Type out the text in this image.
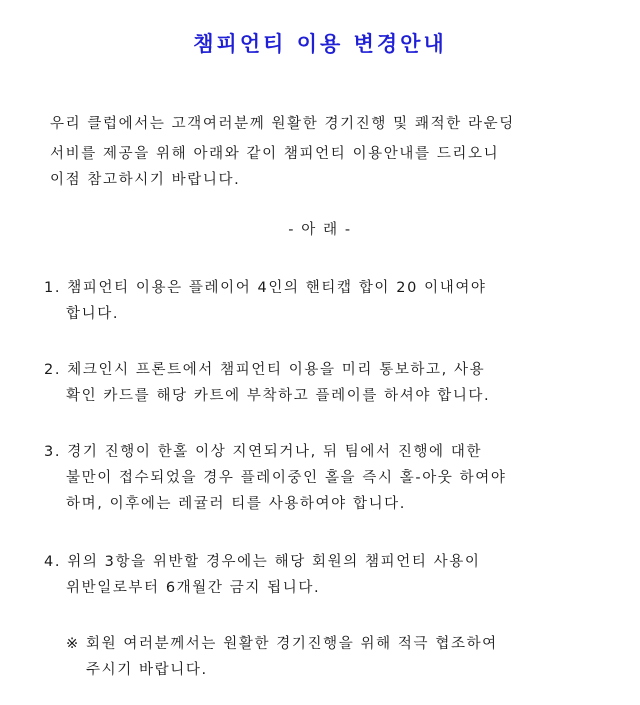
챔피언티 이용 변경안내
우리 클럽에서는 고객여러분께 원활한 경기진행 및 쾌적한 라운딩
서비를 제공을 위해 아래와 같이 챔피언티 이용안내를 드리오니
이점 참고하시기 바랍니다.
- 아 래 -
1. 챔피언티 이용은 플레이어 4인의 핸티캡 합이 20 이내여야
합니다.
2. 체크인시 프론트에서 챔피언티 이용을 미리 통보하고, 사용
확인 카드를 해당 카트에 부착하고 플레이를 하셔야 합니다.
3. 경기 진행이 한홀 이상 지연되거나, 뒤 팀에서 진행에 대한
불만이 접수되었을 경우 플레이중인 홀을 즉시 홀-아웃 하여야
하며, 이후에는 레귤러 티를 사용하여야 합니다.
4. 위의 3항을 위반할 경우에는 해당 회원의 챔피언티 사용이
위반일로부터 6개월간 금지 됩니다.
※ 회원 여러분께서는 원활한 경기진행을 위해 적극 협조하여
주시기 바랍니다.
